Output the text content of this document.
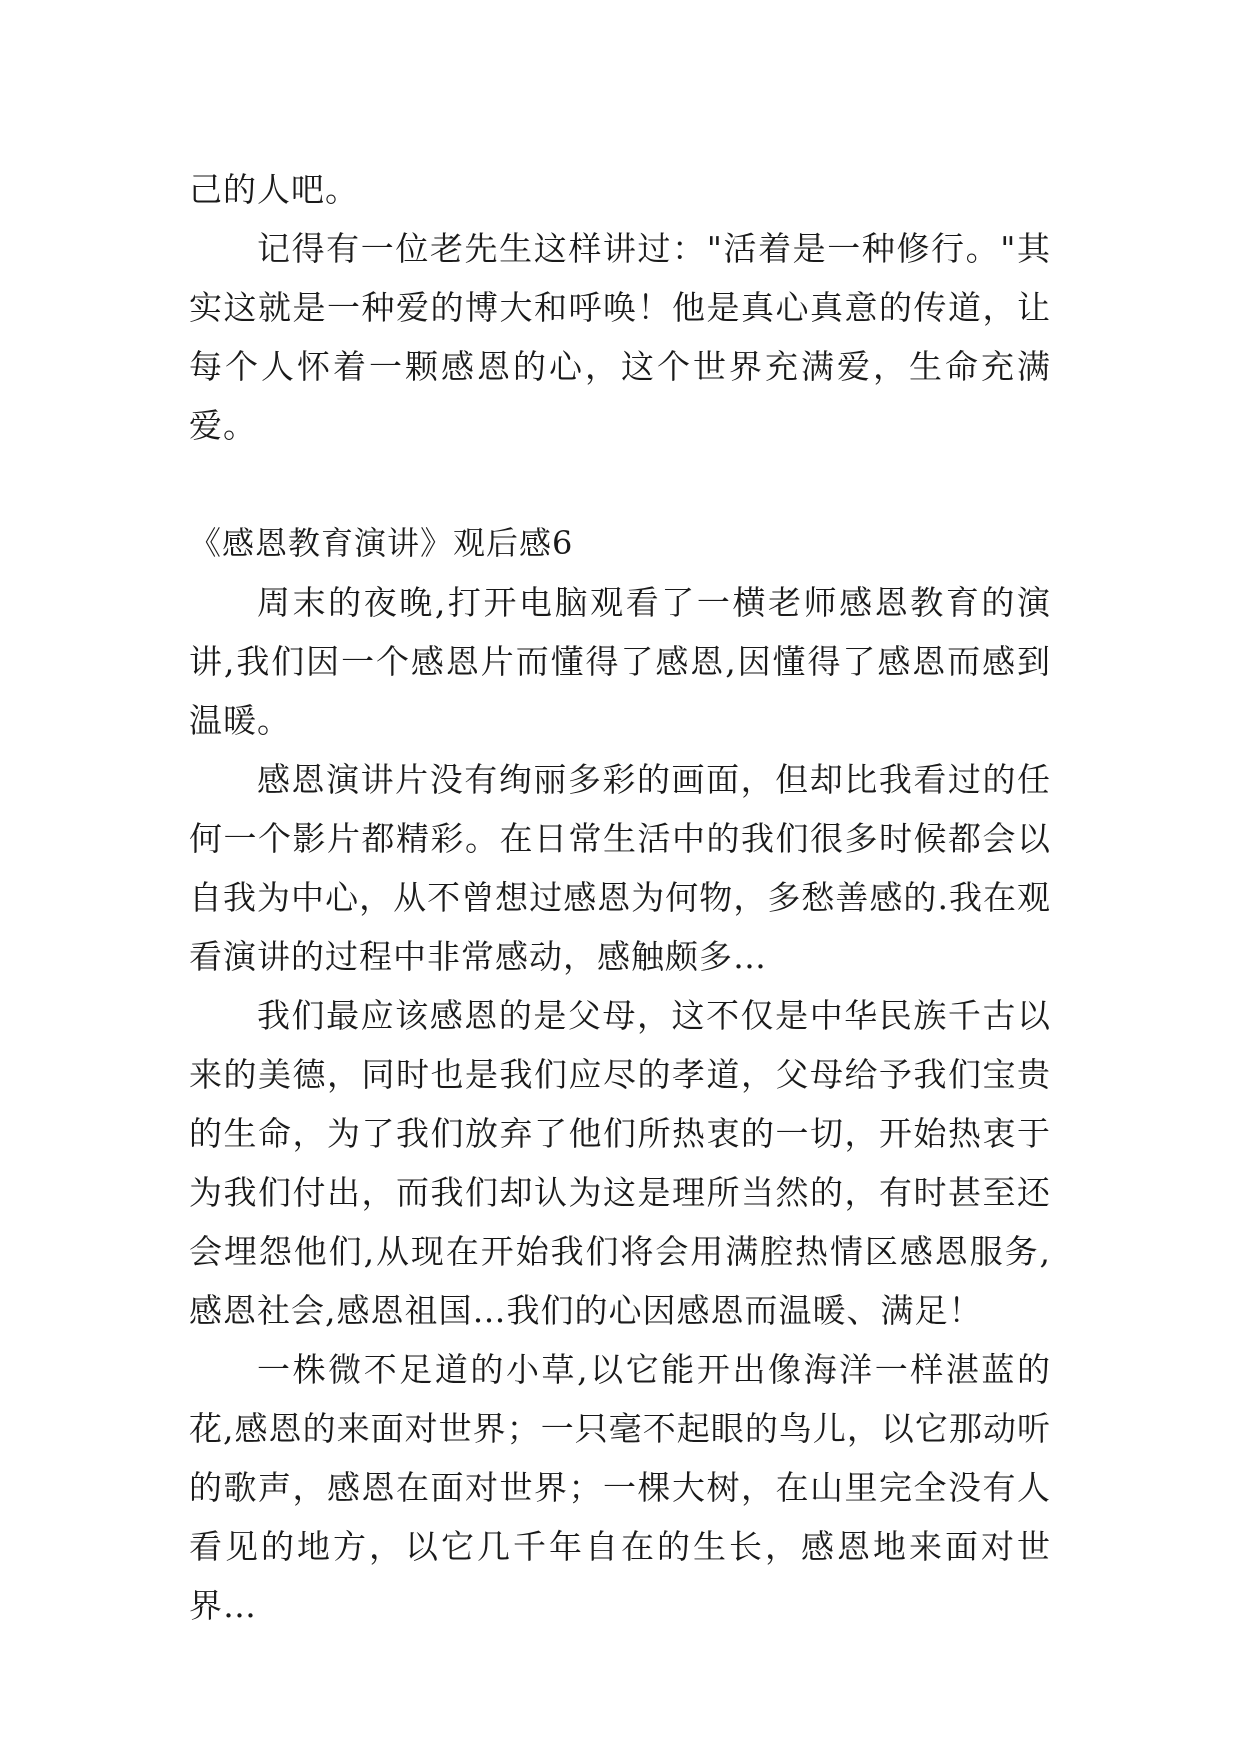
己的人吧。

记得有一位老先生这样讲过："活着是一种修行。"其实这就是一种爱的博大和呼唤！他是真心真意的传道，让每个人怀着一颗感恩的心，这个世界充满爱，生命充满爱。

《感恩教育演讲》观后感6

周末的夜晚,打开电脑观看了一横老师感恩教育的演讲,我们因一个感恩片而懂得了感恩,因懂得了感恩而感到温暖。

感恩演讲片没有绚丽多彩的画面，但却比我看过的任何一个影片都精彩。在日常生活中的我们很多时候都会以自我为中心，从不曾想过感恩为何物，多愁善感的.我在观看演讲的过程中非常感动，感触颇多…

我们最应该感恩的是父母，这不仅是中华民族千古以来的美德，同时也是我们应尽的孝道，父母给予我们宝贵的生命，为了我们放弃了他们所热衷的一切，开始热衷于为我们付出，而我们却认为这是理所当然的，有时甚至还会埋怨他们,从现在开始我们将会用满腔热情区感恩服务,感恩社会,感恩祖国…我们的心因感恩而温暖、满足！

一株微不足道的小草,以它能开出像海洋一样湛蓝的花,感恩的来面对世界；一只毫不起眼的鸟儿，以它那动听的歌声，感恩在面对世界；一棵大树，在山里完全没有人看见的地方，以它几千年自在的生长，感恩地来面对世界…
